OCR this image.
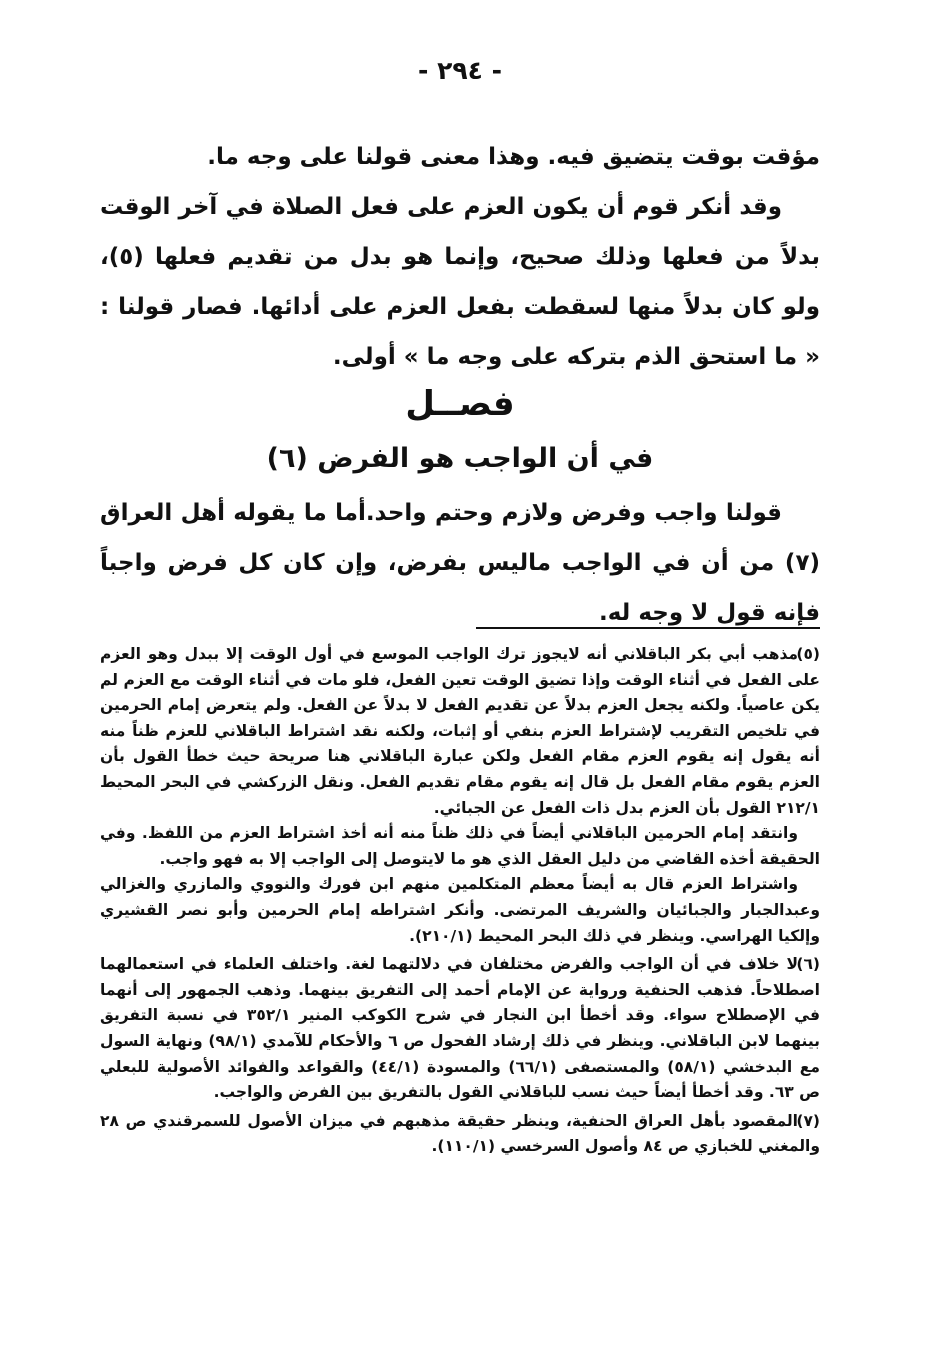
- ٢٩٤ -

مؤقت بوقت يتضيق فيه. وهذا معنى قولنا على وجه ما.

وقد أنكر قوم أن يكون العزم على فعل الصلاة في آخر الوقت بدلاً من فعلها وذلك صحيح، وإنما هو بدل من تقديم فعلها (٥)، ولو كان بدلاً منها لسقطت بفعل العزم على أدائها. فصار قولنا : « ما استحق الذم بتركه على وجه ما » أولى.

فصــل
في أن الواجب هو الفرض (٦)

قولنا واجب وفرض ولازم وحتم واحد.أما ما يقوله أهل العراق (٧) من أن في الواجب ماليس بفرض، وإن كان كل فرض واجباً فإنه قول لا وجه له.

(٥)مذهب أبي بكر الباقلاني أنه لايجوز ترك الواجب الموسع في أول الوقت إلا ببدل وهو العزم على الفعل في أثناء الوقت وإذا تضيق الوقت تعين الفعل، فلو مات في أثناء الوقت مع العزم لم يكن عاصياً. ولكنه يجعل العزم بدلاً عن تقديم الفعل لا بدلاً عن الفعل. ولم يتعرض إمام الحرمين في تلخيص التقريب لإشتراط العزم بنفي أو إثبات، ولكنه نقد اشتراط الباقلاني للعزم ظناً منه أنه يقول إنه يقوم العزم مقام الفعل ولكن عبارة الباقلاني هنا صريحة حيث خطأ القول بأن العزم يقوم مقام الفعل بل قال إنه يقوم مقام تقديم الفعل. ونقل الزركشي في البحر المحيط ٢١٢/١ القول بأن العزم بدل ذات الفعل عن الجبائي.
وانتقد إمام الحرمين الباقلاني أيضاً في ذلك ظناً منه أنه أخذ اشتراط العزم من اللفظ. وفي الحقيقة أخذه القاضي من دليل العقل الذي هو ما لايتوصل إلى الواجب إلا به فهو واجب.
واشتراط العزم قال به أيضاً معظم المتكلمين منهم ابن فورك والنووي والمازري والغزالي وعبدالجبار والجبائيان والشريف المرتضى. وأنكر اشتراطه إمام الحرمين وأبو نصر القشيري وإلكيا الهراسي. وينظر في ذلك البحر المحيط (٢١٠/١).
(٦)لا خلاف في أن الواجب والفرض مختلفان في دلالتهما لغة. واختلف العلماء في استعمالهما اصطلاحاً. فذهب الحنفية ورواية عن الإمام أحمد إلى التفريق بينهما. وذهب الجمهور إلى أنهما في الإصطلاح سواء. وقد أخطأ ابن النجار في شرح الكوكب المنير ٣٥٢/١ في نسبة التفريق بينهما لابن الباقلاني. وينظر في ذلك إرشاد الفحول ص ٦ والأحكام للآمدي (٩٨/١) ونهاية السول مع البدخشي (٥٨/١) والمستصفى (٦٦/١) والمسودة (٤٤/١) والقواعد والفوائد الأصولية للبعلي ص ٦٣. وقد أخطأ أيضاً حيث نسب للباقلاني القول بالتفريق بين الفرض والواجب.
(٧)المقصود بأهل العراق الحنفية، وينظر حقيقة مذهبهم في ميزان الأصول للسمرقندي ص ٢٨ والمغني للخبازي ص ٨٤ وأصول السرخسي (١١٠/١).
